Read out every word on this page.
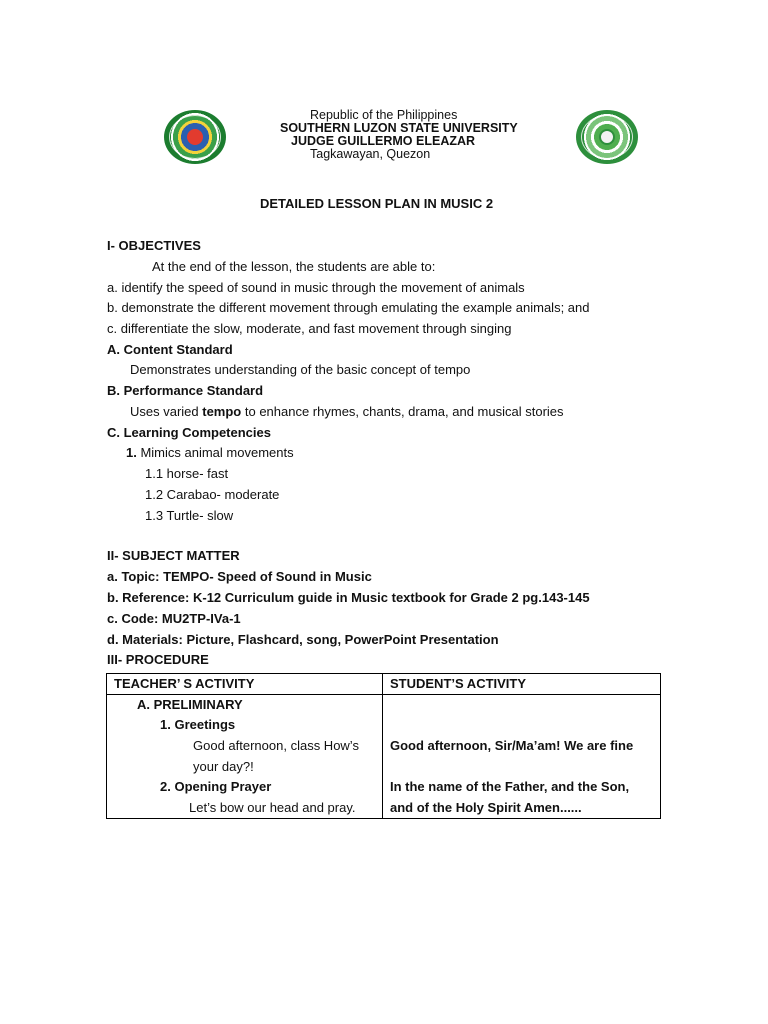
Republic of the Philippines
SOUTHERN LUZON STATE UNIVERSITY
JUDGE GUILLERMO ELEAZAR
Tagkawayan, Quezon
DETAILED LESSON PLAN IN MUSIC 2
I- OBJECTIVES
At the end of the lesson, the students are able to:
a. identify the speed of sound in music through the movement of animals
b. demonstrate the different movement through emulating the example animals; and
c. differentiate the slow, moderate, and fast movement through singing
A. Content Standard
Demonstrates understanding of the basic concept of tempo
B. Performance Standard
Uses varied tempo to enhance rhymes, chants, drama, and musical stories
C. Learning Competencies
1. Mimics animal movements
1.1 horse- fast
1.2 Carabao- moderate
1.3 Turtle- slow
II- SUBJECT MATTER
a. Topic: TEMPO- Speed of Sound in Music
b. Reference: K-12 Curriculum guide in Music textbook for Grade 2 pg.143-145
c. Code: MU2TP-IVa-1
d. Materials: Picture, Flashcard, song, PowerPoint Presentation
III- PROCEDURE
TEACHER’ S ACTIVITY	STUDENT’S ACTIVITY
A. PRELIMINARY
1. Greetings
Good afternoon, class How’s
your day?!
Good afternoon, Sir/Ma’am! We are fine
2. Opening Prayer
Let’s bow our head and pray.
In the name of the Father, and the Son,
and of the Holy Spirit Amen......
